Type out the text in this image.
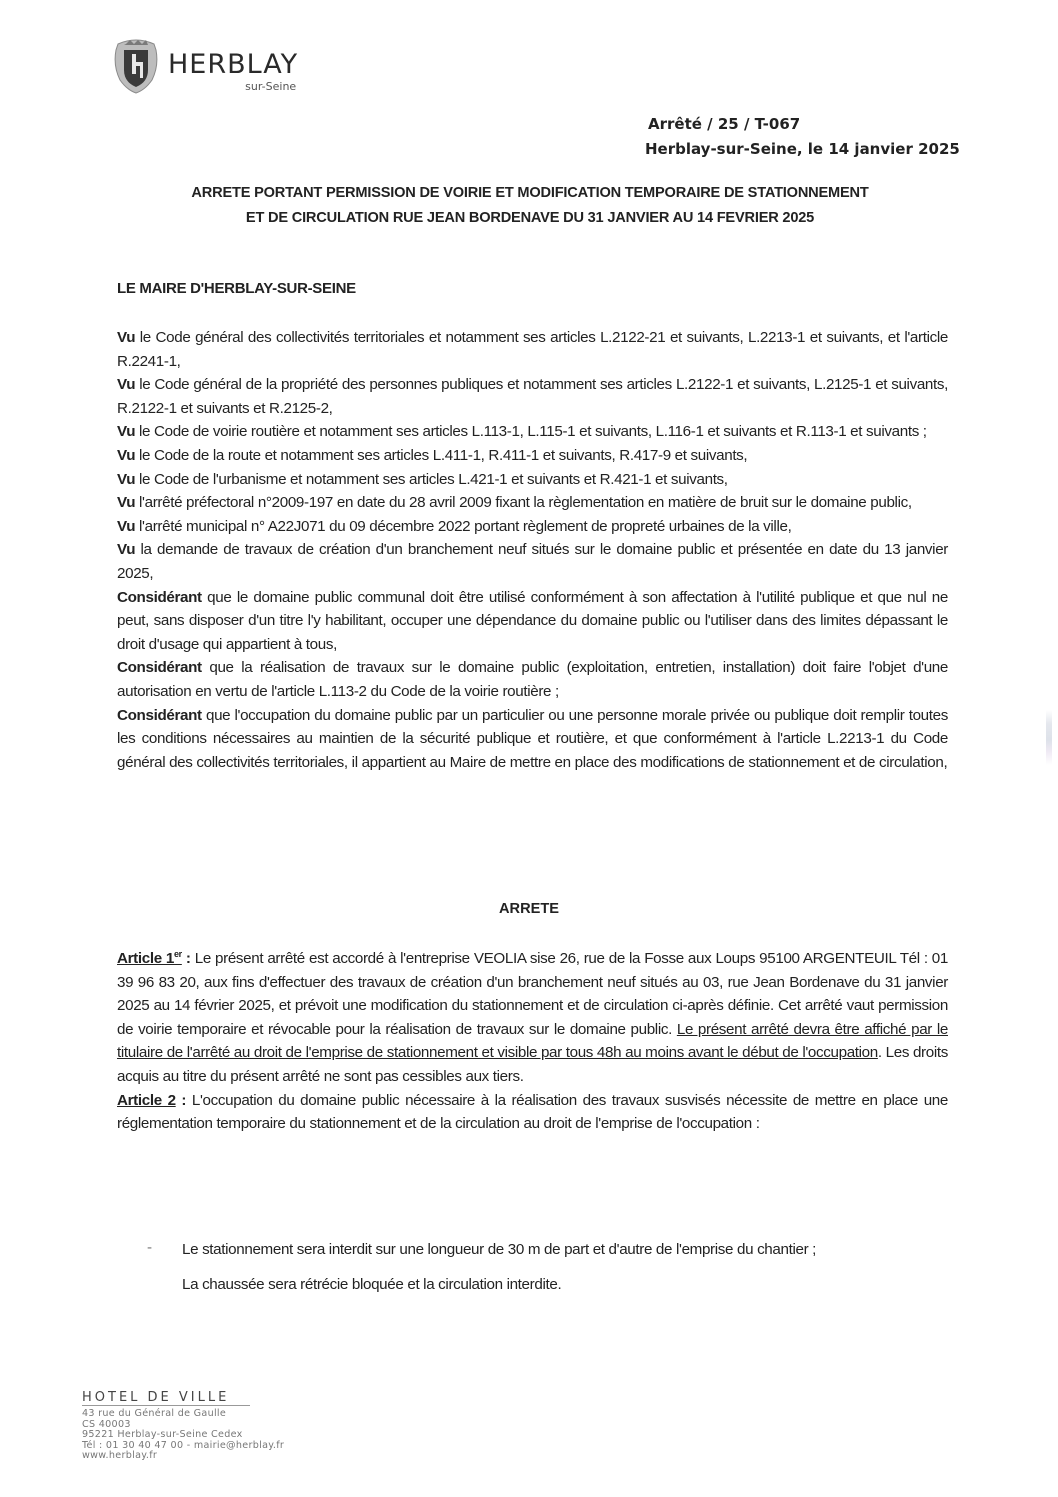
HERBLAY
sur-Seine
Arrêté / 25 / T-067
Herblay-sur-Seine, le 14 janvier 2025
ARRETE PORTANT PERMISSION DE VOIRIE ET MODIFICATION TEMPORAIRE DE STATIONNEMENT
ET DE CIRCULATION RUE JEAN BORDENAVE DU 31 JANVIER AU 14 FEVRIER 2025
LE MAIRE D'HERBLAY-SUR-SEINE

Vu le Code général des collectivités territoriales et notamment ses articles L.2122-21 et suivants, L.2213-1 et suivants, et l'article R.2241-1,

Vu le Code général de la propriété des personnes publiques et notamment ses articles L.2122-1 et suivants, L.2125-1 et suivants, R.2122-1 et suivants et R.2125-2,

Vu le Code de voirie routière et notamment ses articles L.113-1, L.115-1 et suivants, L.116-1 et suivants et R.113-1 et suivants ;

Vu le Code de la route et notamment ses articles L.411-1, R.411-1 et suivants, R.417-9 et suivants,

Vu le Code de l'urbanisme et notamment ses articles L.421-1 et suivants et R.421-1 et suivants,

Vu l'arrêté préfectoral n°2009-197 en date du 28 avril 2009 fixant la règlementation en matière de bruit sur le domaine public,

Vu l'arrêté municipal n° A22J071 du 09 décembre 2022 portant règlement de propreté urbaines de la ville,

Vu la demande de travaux de création d'un branchement neuf situés sur le domaine public et présentée en date du 13 janvier 2025,

Considérant que le domaine public communal doit être utilisé conformément à son affectation à l'utilité publique et que nul ne peut, sans disposer d'un titre l'y habilitant, occuper une dépendance du domaine public ou l'utiliser dans des limites dépassant le droit d'usage qui appartient à tous,

Considérant que la réalisation de travaux sur le domaine public (exploitation, entretien, installation) doit faire l'objet d'une autorisation en vertu de l'article L.113-2 du Code de la voirie routière ;

Considérant que l'occupation du domaine public par un particulier ou une personne morale privée ou publique doit remplir toutes les conditions nécessaires au maintien de la sécurité publique et routière, et que conformément à l'article L.2213-1 du Code général des collectivités territoriales, il appartient au Maire de mettre en place des modifications de stationnement et de circulation,

ARRETE

Article 1er : Le présent arrêté est accordé à l'entreprise VEOLIA sise 26, rue de la Fosse aux Loups 95100 ARGENTEUIL Tél : 01 39 96 83 20, aux fins d'effectuer des travaux de création d'un branchement neuf situés au 03, rue Jean Bordenave du 31 janvier 2025 au 14 février 2025, et prévoit une modification du stationnement et de circulation ci-après définie. Cet arrêté vaut permission de voirie temporaire et révocable pour la réalisation de travaux sur le domaine public. Le présent arrêté devra être affiché par le titulaire de l'arrêté au droit de l'emprise de stationnement et visible par tous 48h au moins avant le début de l'occupation. Les droits acquis au titre du présent arrêté ne sont pas cessibles aux tiers.

Article 2 : L'occupation du domaine public nécessaire à la réalisation des travaux susvisés nécessite de mettre en place une réglementation temporaire du stationnement et de la circulation au droit de l'emprise de l'occupation :

-	Le stationnement sera interdit sur une longueur de 30 m de part et d'autre de l'emprise du chantier ;
La chaussée sera rétrécie bloquée et la circulation interdite.
HOTEL DE VILLE
43 rue du Général de Gaulle
CS 40003
95221 Herblay-sur-Seine Cedex
Tél : 01 30 40 47 00 - mairie@herblay.fr
www.herblay.fr
